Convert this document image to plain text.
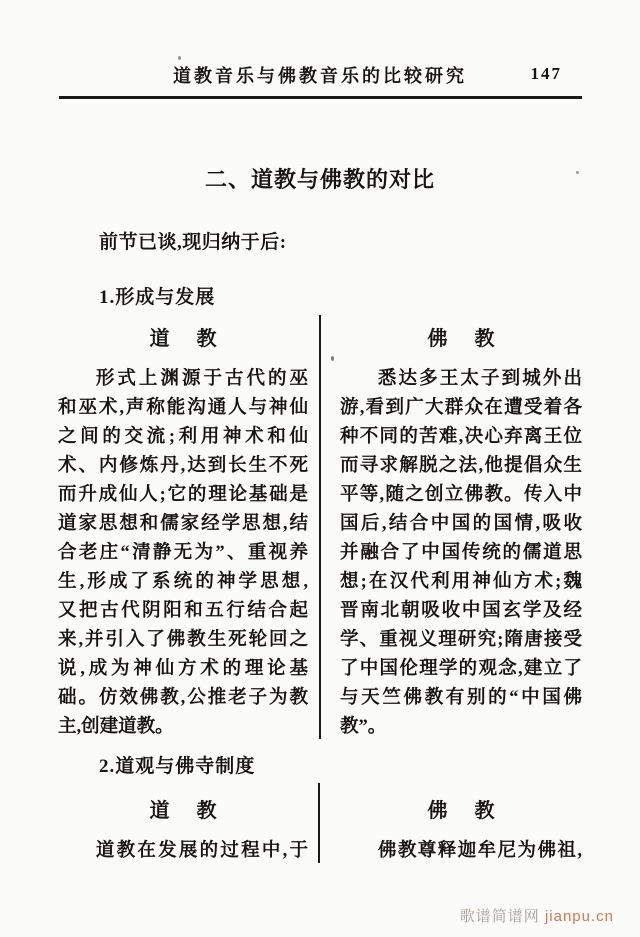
道教音乐与佛教音乐的比较研究	147
二、道教与佛教的对比
前节已谈,现归纳于后:
1.形成与发展
道 教
形式上渊源于古代的巫
和巫术,声称能沟通人与神仙
之间的交流;利用神术和仙
术、内修炼丹,达到长生不死
而升成仙人;它的理论基础是
道家思想和儒家经学思想,结
合老庄“清静无为”、重视养
生,形成了系统的神学思想,
又把古代阴阳和五行结合起
来,并引入了佛教生死轮回之
说,成为神仙方术的理论基
础。仿效佛教,公推老子为教
主,创建道教。
佛 教
悉达多王太子到城外出
游,看到广大群众在遭受着各
种不同的苦难,决心弃离王位
而寻求解脱之法,他提倡众生
平等,随之创立佛教。传入中
国后,结合中国的国情,吸收
并融合了中国传统的儒道思
想;在汉代利用神仙方术;魏
晋南北朝吸收中国玄学及经
学、重视义理研究;隋唐接受
了中国伦理学的观念,建立了
与天竺佛教有别的“中国佛
教”。
2.道观与佛寺制度
道 教
道教在发展的过程中,于
佛 教
佛教尊释迦牟尼为佛祖,
歌谱简谱网 jianpu.cn
